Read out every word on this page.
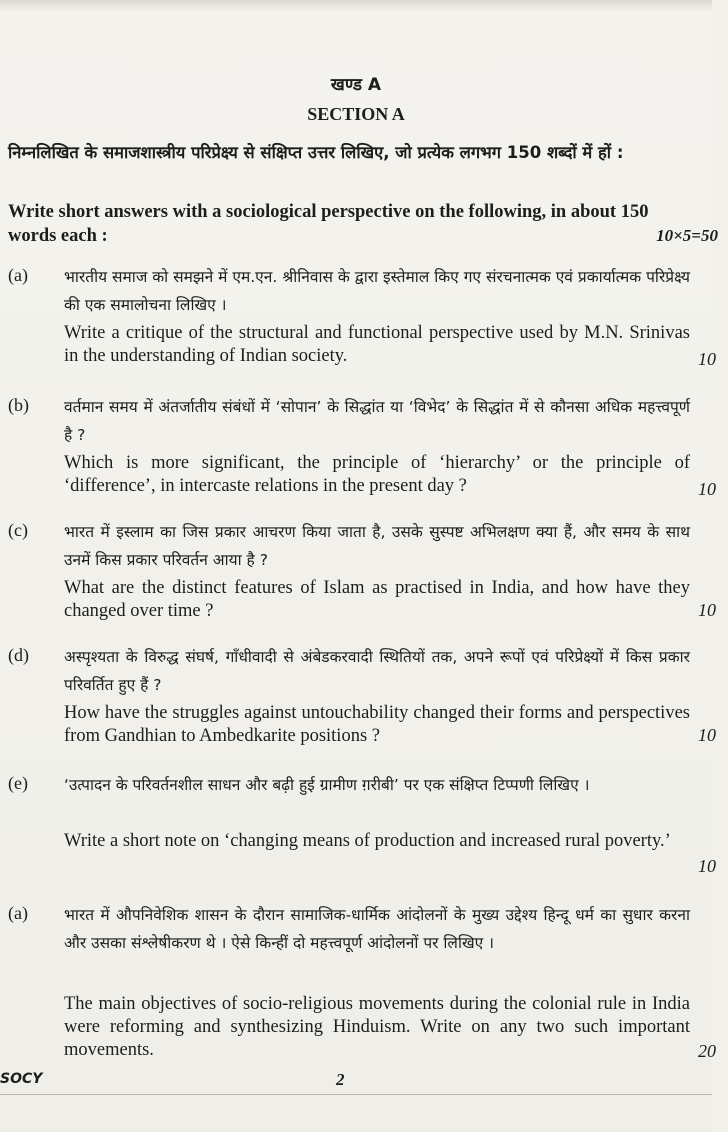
खण्ड A
SECTION A
निम्नलिखित के समाजशास्त्रीय परिप्रेक्ष्य से संक्षिप्त उत्तर लिखिए, जो प्रत्येक लगभग 150 शब्दों में हों :
Write short answers with a sociological perspective on the following, in about 150 words each :	10×5=50
(a) भारतीय समाज को समझने में एम.एन. श्रीनिवास के द्वारा इस्तेमाल किए गए संरचनात्मक एवं प्रकार्यात्मक परिप्रेक्ष्य की एक समालोचना लिखिए ।
Write a critique of the structural and functional perspective used by M.N. Srinivas in the understanding of Indian society.	10
(b) वर्तमान समय में अंतर्जातीय संबंधों में ‘सोपान’ के सिद्धांत या ‘विभेद’ के सिद्धांत में से कौनसा अधिक महत्त्वपूर्ण है ?
Which is more significant, the principle of ‘hierarchy’ or the principle of ‘difference’, in intercaste relations in the present day ?	10
(c) भारत में इस्लाम का जिस प्रकार आचरण किया जाता है, उसके सुस्पष्ट अभिलक्षण क्या हैं, और समय के साथ उनमें किस प्रकार परिवर्तन आया है ?
What are the distinct features of Islam as practised in India, and how have they changed over time ?	10
(d) अस्पृश्यता के विरुद्ध संघर्ष, गाँधीवादी से अंबेडकरवादी स्थितियों तक, अपने रूपों एवं परिप्रेक्ष्यों में किस प्रकार परिवर्तित हुए हैं ?
How have the struggles against untouchability changed their forms and perspectives from Gandhian to Ambedkarite positions ?	10
(e) ‘उत्पादन के परिवर्तनशील साधन और बढ़ी हुई ग्रामीण ग़रीबी’ पर एक संक्षिप्त टिप्पणी लिखिए ।
Write a short note on ‘changing means of production and increased rural poverty.’
10
(a) भारत में औपनिवेशिक शासन के दौरान सामाजिक-धार्मिक आंदोलनों के मुख्य उद्देश्य हिन्दू धर्म का सुधार करना और उसका संश्लेषीकरण थे । ऐसे किन्हीं दो महत्त्वपूर्ण आंदोलनों पर लिखिए ।
The main objectives of socio-religious movements during the colonial rule in India were reforming and synthesizing Hinduism. Write on any two such important movements.	20
SOCY	2
